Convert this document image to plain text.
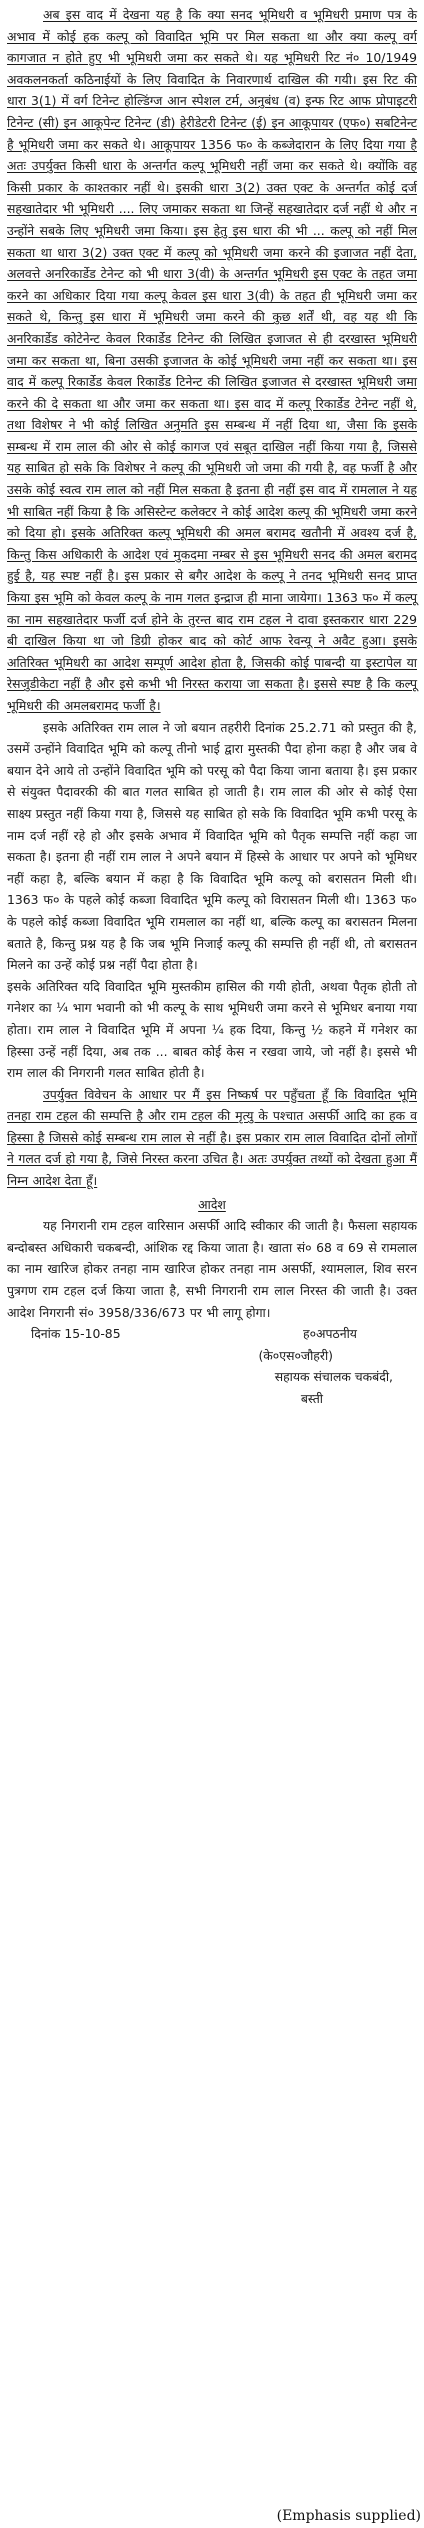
अब इस वाद में देखना यह है कि क्या सनद भूमिधरी व भूमिधरी प्रमाण पत्र के अभाव में कोई हक कल्पू को विवादित भूमि पर मिल सकता था और क्या कल्पू वर्ग कागजात न होते हुए भी भूमिधरी जमा कर सकते थे। यह भूमिधरी रिट नं० 10/1949 अवकलनकर्ता कठिनाईयों के लिए विवादित के निवारणार्थ दाखिल की गयी। इस रिट की धारा 3(1) में वर्ग टिनेन्ट होल्डिंग्ज आन स्पेशल टर्म, अनुबंध (व) इन्फ रिट आफ प्रोपाइटरी टिनेन्ट (सी) इन आकूपेन्ट टिनेन्ट (डी) हेरीडेटरी टिनेन्ट (ई) इन आकूपायर (एफ०) सबटिनेन्ट है भूमिधरी जमा कर सकते थे। आकूपायर 1356 फ० के कब्जेदारान के लिए दिया गया है अतः उपर्युक्त किसी धारा के अन्तर्गत कल्पू भूमिधरी नहीं जमा कर सकते थे। क्योंकि वह किसी प्रकार के काश्तकार नहीं थे। इसकी धारा 3(2) उक्त एक्ट के अन्तर्गत कोई दर्ज सहखातेदार भी भूमिधरी .... लिए जमाकर सकता था जिन्हें सहखातेदार दर्ज नहीं थे और न उन्होंने सबके लिए भूमिधरी जमा किया। इस हेतु इस धारा की भी ... कल्पू को नहीं मिल सकता था धारा 3(2) उक्त एक्ट में कल्पू को भूमिधरी जमा करने की इजाजत नहीं देता, अलवत्ते अनरिकार्डेड टेनेन्ट को भी धारा 3(वी) के अन्तर्गत भूमिधरी इस एक्ट के तहत जमा करने का अधिकार दिया गया कल्पू केवल इस धारा 3(वी) के तहत ही भूमिधरी जमा कर सकते थे, किन्तु इस धारा में भूमिधरी जमा करने की कुछ शर्तें थी, वह यह थी कि अनरिकार्डेड कोटेनेन्ट केवल रिकार्डेड टिनेन्ट की लिखित इजाजत से ही दरखास्त भूमिधरी जमा कर सकता था, बिना उसकी इजाजत के कोई भूमिधरी जमा नहीं कर सकता था। इस वाद में कल्पू रिकार्डेड केवल रिकार्डेड टिनेन्ट की लिखित इजाजत से दरखास्त भूमिधरी जमा करने की दे सकता था और जमा कर सकता था। इस वाद में कल्पू रिकार्डेड टेनेन्ट नहीं थे, तथा विशेषर ने भी कोई लिखित अनुमति इस सम्बन्ध में नहीं दिया था, जैसा कि इसके सम्बन्ध में राम लाल की ओर से कोई कागज एवं सबूत दाखिल नहीं किया गया है, जिससे यह साबित हो सके कि विशेषर ने कल्पू की भूमिधरी जो जमा की गयी है, वह फर्जी है और उसके कोई स्वत्व राम लाल को नहीं मिल सकता है इतना ही नहीं इस वाद में रामलाल ने यह भी साबित नहीं किया है कि असिस्टेन्ट कलेक्टर ने कोई आदेश कल्पू की भूमिधरी जमा करने को दिया हो। इसके अतिरिक्त कल्पू भूमिधरी की अमल बरामद खतौनी में अवश्य दर्ज है, किन्तु किस अधिकारी के आदेश एवं मुकदमा नम्बर से इस भूमिधरी सनद की अमल बरामद हुई है, यह स्पष्ट नहीं है। इस प्रकार से बगैर आदेश के कल्पू ने तनद भूमिधरी सनद प्राप्त किया इस भूमि को केवल कल्पू के नाम गलत इन्द्राज ही माना जायेगा। 1363 फ० में कल्पू का नाम सहखातेदार फर्जी दर्ज होने के तुरन्त बाद राम टहल ने दावा इस्तकरार धारा 229 बी दाखिल किया था जो डिग्री होकर बाद को कोर्ट आफ रेवन्यू ने अवैट हुआ। इसके अतिरिक्त भूमिधरी का आदेश सम्पूर्ण आदेश होता है, जिसकी कोई पाबन्दी या इस्टापेल या रेसजुडीकेटा नहीं है और इसे कभी भी निरस्त कराया जा सकता है। इससे स्पष्ट है कि कल्पू भूमिधरी की अमलबरामद फर्जी है।

इसके अतिरिक्त राम लाल ने जो बयान तहरीरी दिनांक 25.2.71 को प्रस्तुत की है, उसमें उन्होंने विवादित भूमि को कल्पू तीनो भाई द्वारा मुस्तकी पैदा होना कहा है और जब वे बयान देने आये तो उन्होंने विवादित भूमि को परसू को पैदा किया जाना बताया है। इस प्रकार से संयुक्त पैदावरकी की बात गलत साबित हो जाती है। राम लाल की ओर से कोई ऐसा साक्ष्य प्रस्तुत नहीं किया गया है, जिससे यह साबित हो सके कि विवादित भूमि कभी परसू के नाम दर्ज नहीं रहे हो और इसके अभाव में विवादित भूमि को पैतृक सम्पत्ति नहीं कहा जा सकता है। इतना ही नहीं राम लाल ने अपने बयान में हिस्से के आधार पर अपने को भूमिधर नहीं कहा है, बल्कि बयान में कहा है कि विवादित भूमि कल्पू को बरासतन मिली थी। 1363 फ० के पहले कोई कब्जा विवादित भूमि कल्पू को विरासतन मिली थी। 1363 फ० के पहले कोई कब्जा विवादित भूमि रामलाल का नहीं था, बल्कि कल्पू का बरासतन मिलना बताते है, किन्तु प्रश्न यह है कि जब भूमि निजाई कल्पू की सम्पत्ति ही नहीं थी, तो बरासतन मिलने का उन्हें कोई प्रश्न नहीं पैदा होता है।

इसके अतिरिक्त यदि विवादित भूमि मुस्तकीम हासिल की गयी होती, अथवा पैतृक होती तो गनेशर का ¼ भाग भवानी को भी कल्पू के साथ भूमिधरी जमा करने से भूमिधर बनाया गया होता। राम लाल ने विवादित भूमि में अपना ¼ हक दिया, किन्तु ½ कहने में गनेशर का हिस्सा उन्हें नहीं दिया, अब तक ... बाबत कोई केस न रखवा जाये, जो नहीं है। इससे भी राम लाल की निगरानी गलत साबित होती है।

उपर्युक्त विवेचन के आधार पर मैं इस निष्कर्ष पर पहुँचता हूँ कि विवादित भूमि तनहा राम टहल की सम्पत्ति है और राम टहल की मृत्यु के पश्चात असर्फी आदि का हक व हिस्सा है जिससे कोई सम्बन्ध राम लाल से नहीं है। इस प्रकार राम लाल विवादित दोनों लोगों ने गलत दर्ज हो गया है, जिसे निरस्त करना उचित है। अतः उपर्युक्त तथ्यों को देखता हुआ मैं निम्न आदेश देता हूँ।

आदेश

यह निगरानी राम टहल वारिसान असर्फी आदि स्वीकार की जाती है। फैसला सहायक बन्दोबस्त अधिकारी चकबन्दी, आंशिक रद्द किया जाता है। खाता सं० 68 व 69 से रामलाल का नाम खारिज होकर तनहा नाम खारिज होकर तनहा नाम असर्फी, श्यामलाल, शिव सरन पुत्रगण राम टहल दर्ज किया जाता है, सभी निगरानी राम लाल निरस्त की जाती है। उक्त आदेश निगरानी सं० 3958/336/673 पर भी लागू होगा।

दिनांक 15-10-85	ह०अपठनीय
(के०एस०जौहरी)
सहायक संचालक चकबंदी,
बस्ती
(Emphasis supplied)
